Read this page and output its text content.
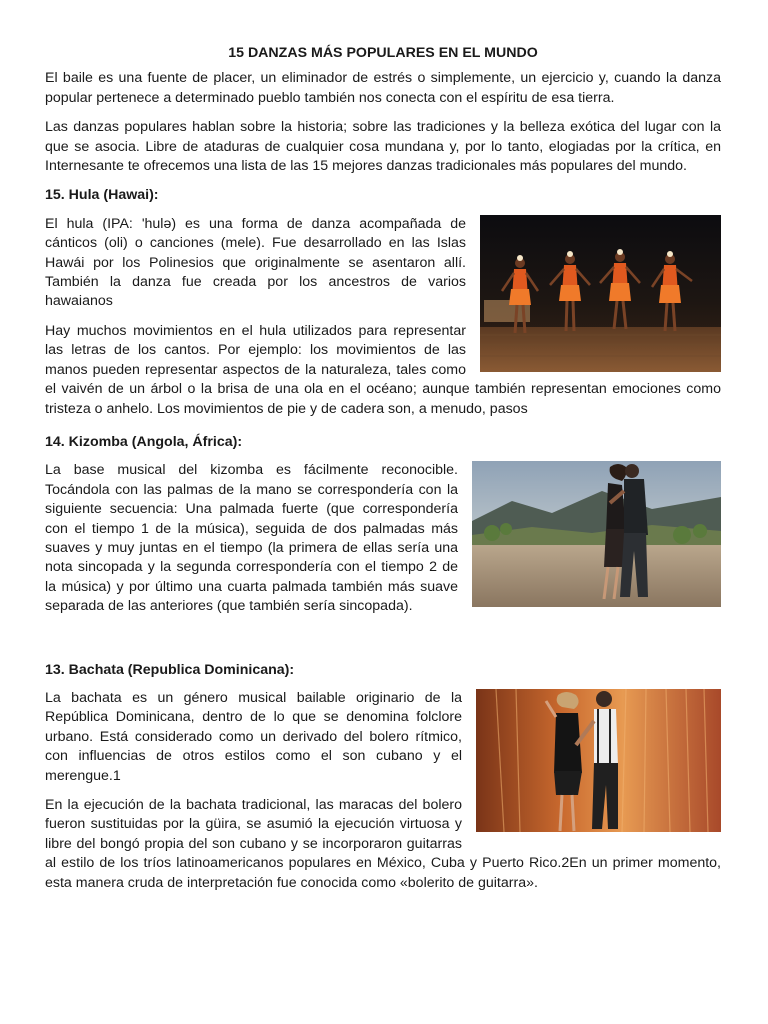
15 DANZAS MÁS POPULARES EN EL MUNDO

El baile es una fuente de placer, un eliminador de estrés o simplemente, un ejercicio y, cuando la danza popular pertenece a determinado pueblo también nos conecta con el espíritu de esa tierra.

Las danzas populares hablan sobre la historia; sobre las tradiciones y la belleza exótica del lugar con la que se asocia. Libre de ataduras de cualquier cosa mundana y, por lo tanto, elogiadas por la crítica, en Internesante te ofrecemos una lista de las 15 mejores danzas tradicionales más populares del mundo.

15. Hula (Hawai):

El hula (IPA: 'hulə) es una forma de danza acompañada de cánticos (oli) o canciones (mele). Fue desarrollado en las Islas Hawái por los Polinesios que originalmente se asentaron allí. También la danza fue creada por los ancestros de varios hawaianos

Hay muchos movimientos en el hula utilizados para representar las letras de los cantos. Por ejemplo: los movimientos de las manos pueden representar aspectos de la naturaleza, tales como el vaivén de un árbol o la brisa de una ola en el océano; aunque también representan emociones como tristeza o anhelo. Los movimientos de pie y de cadera son, a menudo, pasos

14. Kizomba (Angola, África):

La base musical del kizomba es fácilmente reconocible. Tocándola con las palmas de la mano se correspondería con la siguiente secuencia: Una palmada fuerte (que correspondería con el tiempo 1 de la música), seguida de dos palmadas más suaves y muy juntas en el tiempo (la primera de ellas sería una nota sincopada y la segunda correspondería con el tiempo 2 de la música) y por último una cuarta palmada también más suave separada de las anteriores (que también sería sincopada).

13. Bachata (Republica Dominicana):

La bachata es un género musical bailable originario de la República Dominicana, dentro de lo que se denomina folclore urbano. Está considerado como un derivado del bolero rítmico, con influencias de otros estilos como el son cubano y el merengue.1

En la ejecución de la bachata tradicional, las maracas del bolero fueron sustituidas por la güira, se asumió la ejecución virtuosa y libre del bongó propia del son cubano y se incorporaron guitarras al estilo de los tríos latinoamericanos populares en México, Cuba y Puerto Rico.2En un primer momento, esta manera cruda de interpretación fue conocida como «bolerito de guitarra».
